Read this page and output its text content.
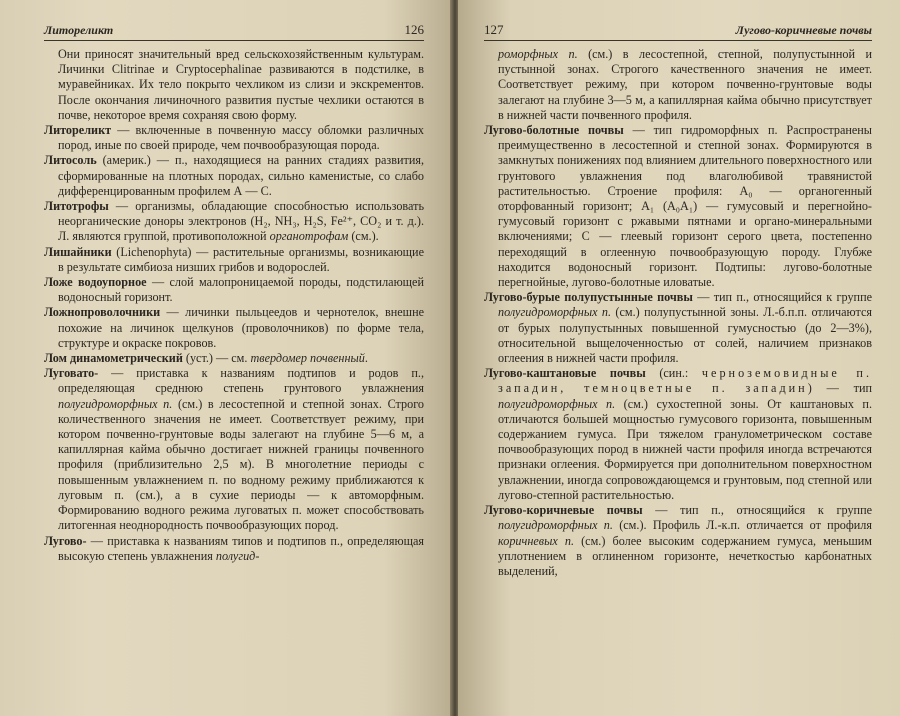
Литореликт	126

Они приносят значительный вред сельскохозяйственным культурам. Личинки Clitrinae и Cryptocephalinae развиваются в подстилке, в муравейниках. Их тело покрыто чехликом из слизи и экскрементов. После окончания личиночного развития пустые чехлики остаются в почве, некоторое время сохраняя свою форму.

Литореликт — включенные в почвенную массу обломки различных пород, иные по своей природе, чем почвообразующая порода.

Литосоль (америк.) — п., находящиеся на ранних стадиях развития, сформированные на плотных породах, сильно каменистые, со слабо дифференцированным профилем А — С.

Литотрофы — организмы, обладающие способностью использовать неорганические доноры электронов (H₂, NH₃, H₂S, Fe²⁺, CO₂ и т. д.). Л. являются группой, противоположной органотрофам (см.).

Лишайники (Lichenophyta) — растительные организмы, возникающие в результате симбиоза низших грибов и водорослей.

Ложе водоупорное — слой малопроницаемой породы, подстилающей водоносный горизонт.

Ложнопроволочники — личинки пыльцеедов и чернотелок, внешне похожие на личинок щелкунов (проволочников) по форме тела, структуре и окраске покровов.

Лом динамометрический (уст.) — см. твердомер почвенный.

Луговато- — приставка к названиям подтипов и родов п., определяющая среднюю степень грунтового увлажнения полугидроморфных п. (см.) в лесостепной и степной зонах. Строго количественного значения не имеет. Соответствует режиму, при котором почвенно-грунтовые воды залегают на глубине 5—6 м, а капиллярная кайма обычно достигает нижней границы почвенного профиля (приблизительно 2,5 м). В многолетние периоды с повышенным увлажнением п. по водному режиму приближаются к луговым п. (см.), а в сухие периоды — к автоморфным. Формированию водного режима луговатых п. может способствовать литогенная неоднородность почвообразующих пород.

Лугово- — приставка к названиям типов и подтипов п., определяющая высокую степень увлажнения полугид-

127	Лугово-коричневые почвы

роморфных п. (см.) в лесостепной, степной, полупустынной и пустынной зонах. Строгого качественного значения не имеет. Соответствует режиму, при котором почвенно-грунтовые воды залегают на глубине 3—5 м, а капиллярная кайма обычно присутствует в нижней части почвенного профиля.

Лугово-болотные почвы — тип гидроморфных п. Распространены преимущественно в лесостепной и степной зонах. Формируются в замкнутых понижениях под влиянием длительного поверхностного или грунтового увлажнения под влаголюбивой травянистой растительностью. Строение профиля: A₀ — органогенный оторфованный горизонт; A₁ (A₀A₁) — гумусовый и перегнойно-гумусовый горизонт с ржавыми пятнами и органо-минеральными включениями; С — глеевый горизонт серого цвета, постепенно переходящий в оглеенную почвообразующую породу. Глубже находится водоносный горизонт. Подтипы: лугово-болотные перегнойные, лугово-болотные иловатые.

Лугово-бурые полупустынные почвы — тип п., относящийся к группе полугидроморфных п. (см.) полупустынной зоны. Л.-б.п.п. отличаются от бурых полупустынных повышенной гумусностью (до 2—3%), относительной выщелоченностью от солей, наличием признаков оглеения в нижней части профиля.

Лугово-каштановые почвы (син.: черноземовидные п. западин, темноцветные п. западин) — тип полугидроморфных п. (см.) сухостепной зоны. От каштановых п. отличаются большей мощностью гумусового горизонта, повышенным содержанием гумуса. При тяжелом гранулометрическом составе почвообразующих пород в нижней части профиля иногда встречаются признаки оглеения. Формируется при дополнительном поверхностном увлажнении, иногда сопровождающемся и грунтовым, под степной или лугово-степной растительностью.

Лугово-коричневые почвы — тип п., относящийся к группе полугидроморфных п. (см.). Профиль Л.-к.п. отличается от профиля коричневых п. (см.) более высоким содержанием гумуса, меньшим уплотнением в оглиненном горизонте, нечеткостью карбонатных выделений,
